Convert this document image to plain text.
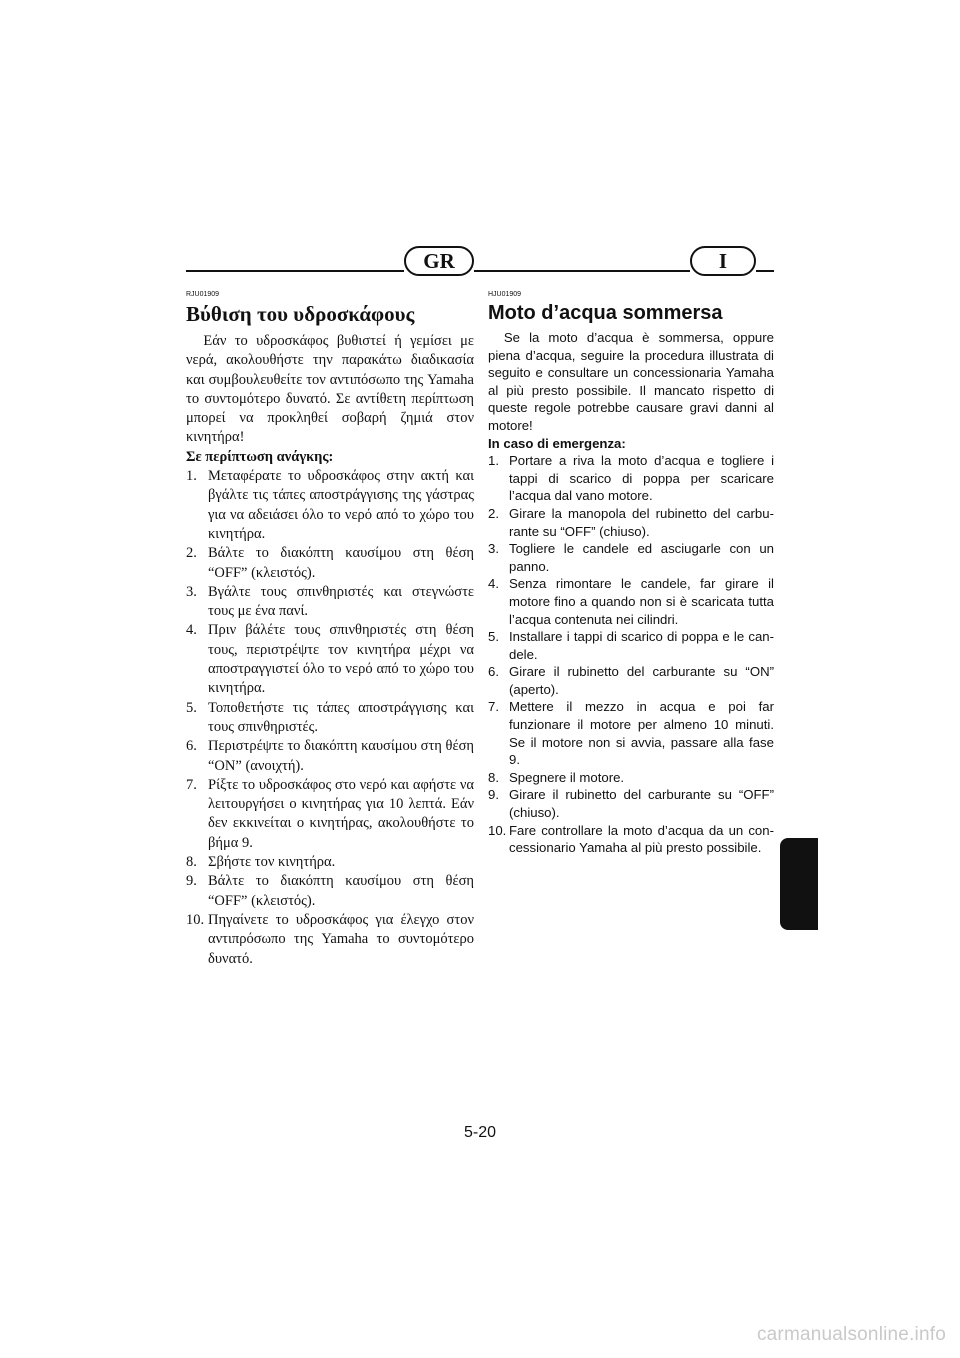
GR	I

RJU01909

Βύθιση του υδροσκάφους

Εάν το υδροσκάφος βυθιστεί ή γεμίσει με νερά, ακολουθήστε την παρακάτω διαδικασία και συμβουλευθείτε τον αντιπόσωπο της Yamaha το συντομότερο δυνατό. Σε αντίθετη περίπτωση μπορεί να προκληθεί σοβαρή ζημιά στον κινητήρα!

Σε περίπτωση ανάγκης:

1. Μεταφέρατε το υδροσκάφος στην ακτή και βγάλτε τις τάπες αποστράγγισης της γάστρας για να αδειάσει όλο το νερό από το χώρο του κινητήρα.
2. Βάλτε το διακόπτη καυσίμου στη θέση “OFF” (κλειστός).
3. Βγάλτε τους σπινθηριστές και στεγνώστε τους με ένα πανί.
4. Πριν βάλέτε τους σπινθηριστές στη θέση τους, περιστρέψτε τον κινητήρα μέχρι να αποστραγγιστεί όλο το νερό από το χώρο του κινητήρα.
5. Τοποθετήστε τις τάπες αποστράγγισης και τους σπινθηριστές.
6. Περιστρέψτε το διακόπτη καυσίμου στη θέση “ON” (ανοιχτή).
7. Ρίξτε το υδροσκάφος στο νερό και αφήστε να λειτουργήσει ο κινητήρας για 10 λεπτά. Εάν δεν εκκινείται ο κινητήρας, ακολουθήστε το βήμα 9.
8. Σβήστε τον κινητήρα.
9. Βάλτε το διακόπτη καυσίμου στη θέση “OFF” (κλειστός).
10. Πηγαίνετε το υδροσκάφος για έλεγχο στον αντιπρόσωπο της Yamaha το συντομότερο δυνατό.

HJU01909

Moto d’acqua sommersa

Se la moto d’acqua è sommersa, oppure piena d’acqua, seguire la procedura illustrata di seguito e consultare un concessionaria Yamaha al più presto possibile. Il mancato rispetto di queste regole potrebbe causare gravi danni al motore!

In caso di emergenza:

1. Portare a riva la moto d’acqua e togliere i tappi di scarico di poppa per scaricare l’acqua dal vano motore.
2. Girare la manopola del rubinetto del carbu-rante su “OFF” (chiuso).
3. Togliere le candele ed asciugarle con un panno.
4. Senza rimontare le candele, far girare il motore fino a quando non si è scaricata tutta l’acqua contenuta nei cilindri.
5. Installare i tappi di scarico di poppa e le can-dele.
6. Girare il rubinetto del carburante su “ON” (aperto).
7. Mettere il mezzo in acqua e poi far funzionare il motore per almeno 10 minuti. Se il motore non si avvia, passare alla fase 9.
8. Spegnere il motore.
9. Girare il rubinetto del carburante su “OFF” (chiuso).
10. Fare controllare la moto d’acqua da un con-cessionario Yamaha al più presto possibile.
5-20
carmanualsonline.info
